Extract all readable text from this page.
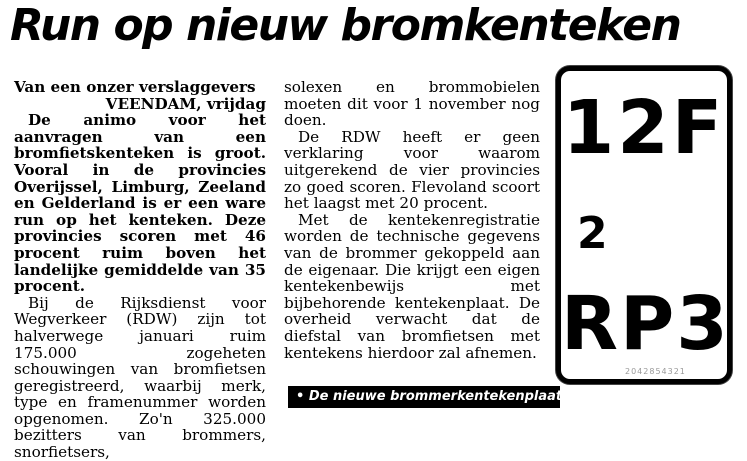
Run op nieuw bromkenteken

Van een onzer verslaggevers

VEENDAM, vrijdag

De animo voor het aanvragen van een bromfietskenteken is groot. Vooral in de provincies Overijssel, Limburg, Zeeland en Gelderland is er een ware run op het kenteken. Deze provincies scoren met 46 procent ruim boven het landelijke gemiddelde van 35 procent.

Bij de Rijksdienst voor Wegverkeer (RDW) zijn tot halverwege januari ruim 175.000 zogeheten schouwingen van bromfietsen geregistreerd, waarbij merk, type en framenummer worden opgenomen. Zo'n 325.000 bezitters van brommers, snorfietsers,

solexen en brommobielen moeten dit voor 1 november nog doen.

De RDW heeft er geen verklaring voor waarom uitgerekend de vier provincies zo goed scoren. Flevoland scoort het laagst met 20 procent.

Met de kentekenregistratie worden de technische gegevens van de brommer gekoppeld aan de eigenaar. Die krijgt een eigen kentekenbewijs met bijbehorende kentekenplaat. De overheid verwacht dat de diefstal van bromfietsen met kentekens hierdoor zal afnemen.

12F
2
RP3
2042854321
• De nieuwe brommerkentekenplaat.
